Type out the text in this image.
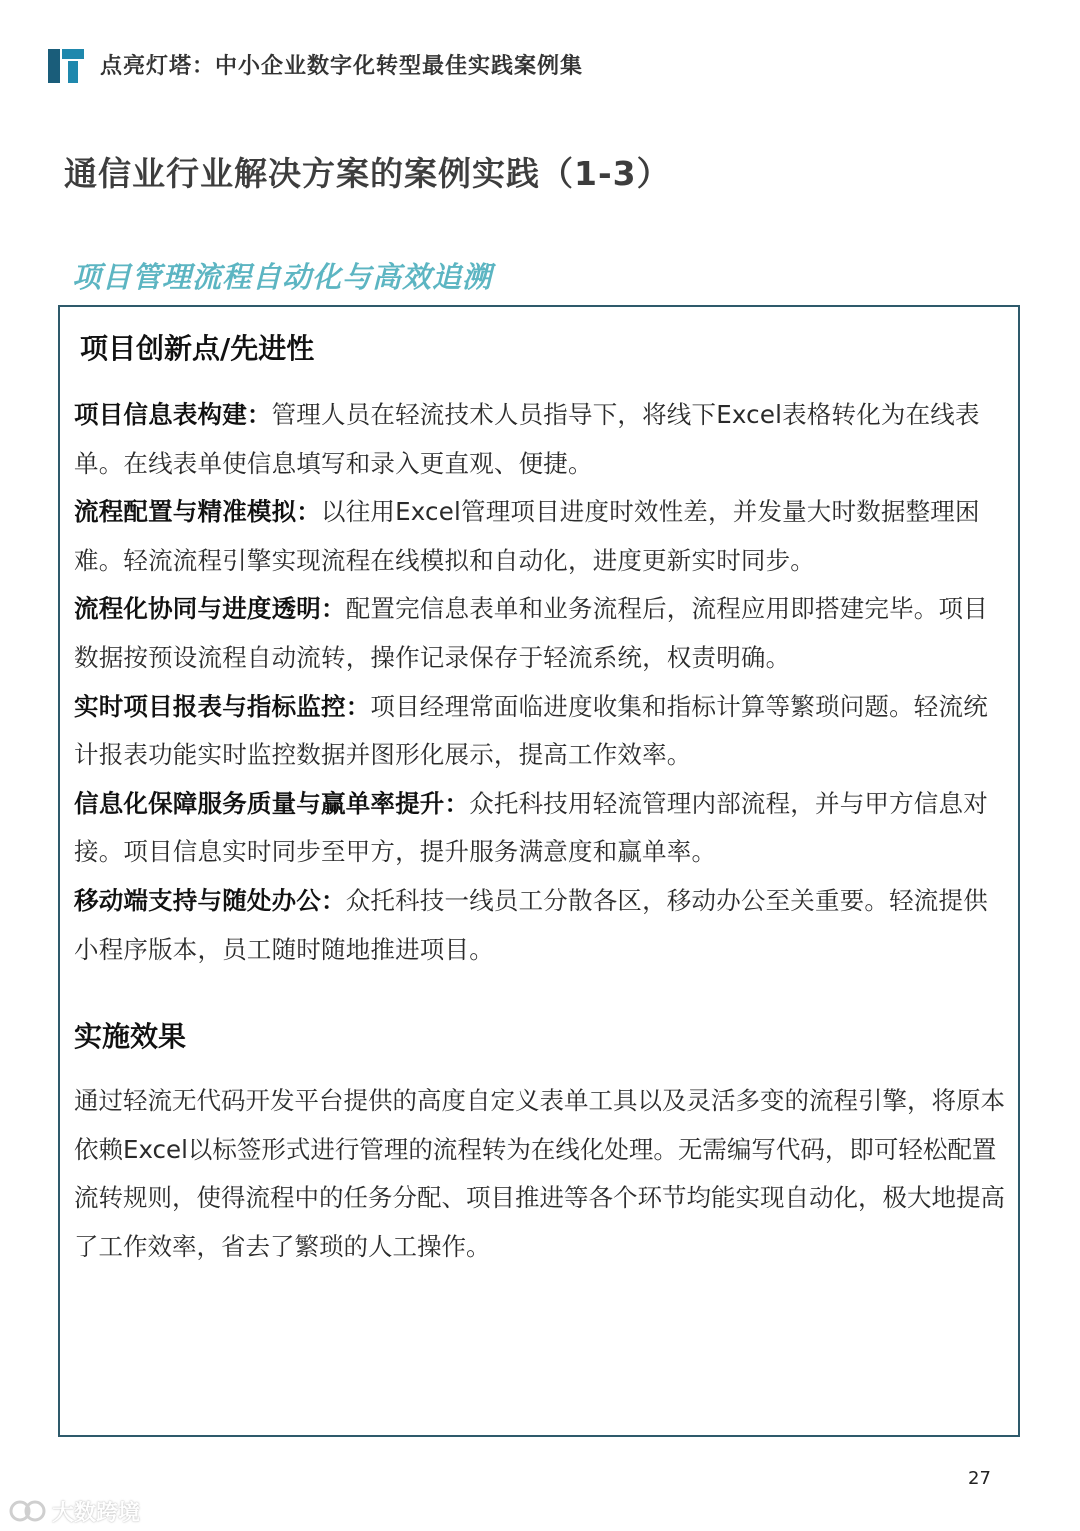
点亮灯塔：中小企业数字化转型最佳实践案例集
通信业行业解决方案的案例实践（1-3）
项目管理流程自动化与高效追溯
项目创新点/先进性

项目信息表构建：管理人员在轻流技术人员指导下，将线下Excel表格转化为在线表单。在线表单使信息填写和录入更直观、便捷。

流程配置与精准模拟：以往用Excel管理项目进度时效性差，并发量大时数据整理困难。轻流流程引擎实现流程在线模拟和自动化，进度更新实时同步。

流程化协同与进度透明：配置完信息表单和业务流程后，流程应用即搭建完毕。项目数据按预设流程自动流转，操作记录保存于轻流系统，权责明确。

实时项目报表与指标监控：项目经理常面临进度收集和指标计算等繁琐问题。轻流统计报表功能实时监控数据并图形化展示，提高工作效率。

信息化保障服务质量与赢单率提升：众托科技用轻流管理内部流程，并与甲方信息对接。项目信息实时同步至甲方，提升服务满意度和赢单率。

移动端支持与随处办公：众托科技一线员工分散各区，移动办公至关重要。轻流提供小程序版本，员工随时随地推进项目。

实施效果

通过轻流无代码开发平台提供的高度自定义表单工具以及灵活多变的流程引擎，将原本依赖Excel以标签形式进行管理的流程转为在线化处理。无需编写代码，即可轻松配置流转规则，使得流程中的任务分配、项目推进等各个环节均能实现自动化，极大地提高了工作效率，省去了繁琐的人工操作。

27
大数跨境
